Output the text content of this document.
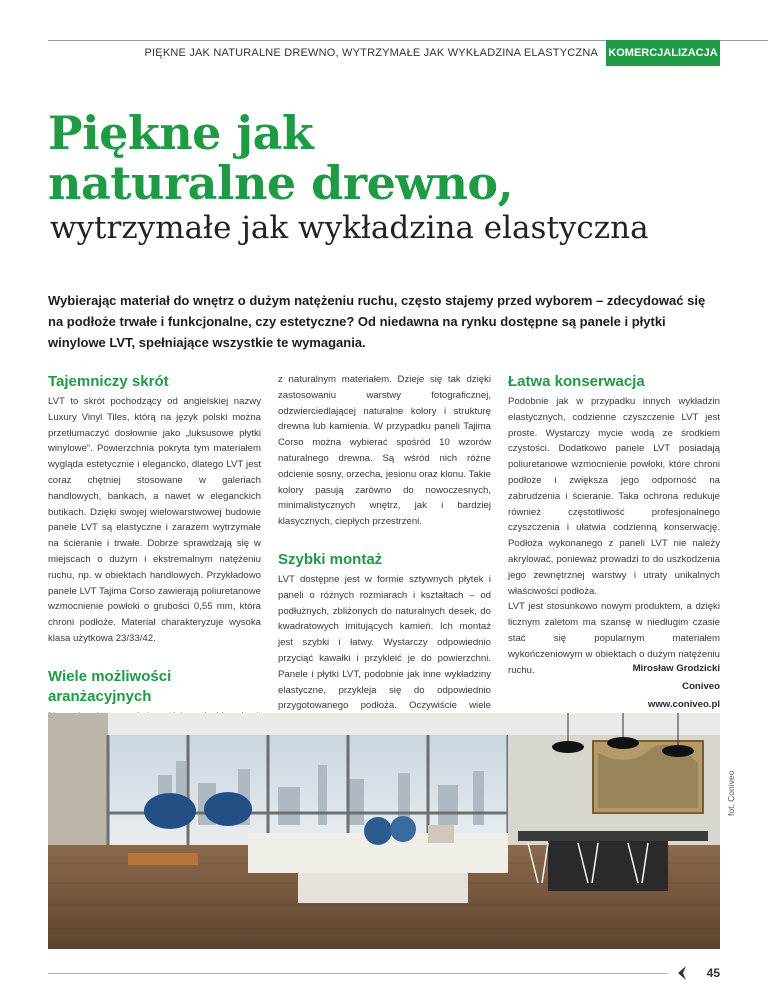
PIĘKNE JAK NATURALNE DREWNO, WYTRZYMAŁE JAK WYKŁADZINA ELASTYCZNA KOMERCJALIZACJA
Piękne jak
naturalne drewno,
wytrzymałe jak wykładzina elastyczna
Wybierając materiał do wnętrz o dużym natężeniu ruchu, często stajemy przed wyborem – zdecydować się na podłoże trwałe i funkcjonalne, czy estetyczne? Od niedawna na rynku dostępne są panele i płytki winylowe LVT, spełniające wszystkie te wymagania.
Tajemniczy skrót

LVT to skrót pochodzący od angielskiej nazwy Luxury Vinyl Tiles, którą na język polski można przetłumaczyć dosłownie jako „luksusowe płytki winylowe”. Powierzchnia pokryta tym materiałem wygląda estetycznie i elegancko, dlatego LVT jest coraz chętniej stosowane w galeriach handlowych, bankach, a nawet w eleganckich butikach. Dzięki swojej wielowarstwowej budowie panele LVT są elastyczne i zarazem wytrzymałe na ścieranie i trwałe. Dobrze sprawdzają się w miejscach o dużym i ekstremalnym natężeniu ruchu, np. w obiektach handlowych. Przykładowo panele LVT Tajima Corso zawierają poliuretanowe wzmocnienie powłoki o grubości 0,55 mm, która chroni podłoże. Materiał charakteryzuje wysoka klasa użytkowa 23/33/42.

Wiele możliwości aranżacyjnych

z naturalnym materiałem. Dzieje się tak dzięki zastosowaniu warstwy fotograficznej, odzwierciedlającej naturalne kolory i strukturę drewna lub kamienia. W przypadku paneli Tajima Corso można wybierać spośród 10 wzorów naturalnego drewna. Są wśród nich różne odcienie sosny, orzecha, jesionu oraz klonu. Takie kolory pasują zarówno do nowoczesnych, minimalistycznych wnętrz, jak i bardziej klasycznych, ciepłych przestrzeni.

Szybki montaż

LVT dostępne jest w formie sztywnych płytek i paneli o różnych rozmiarach i kształtach – od podłużnych, zbliżonych do naturalnych desek, do kwadratowych imitujących kamień. Ich montaż jest szybki i łatwy. Wystarczy odpowiednio przyciąć kawałki i przykleić je do powierzchni. Panele i płytki LVT, podobnie jak inne wykładziny elastyczne, przykleja się do odpowiednio przygotowanego podłoża. Oczywiście wiele

Łatwa konserwacja

Podobnie jak w przypadku innych wykładzin elastycznych, codzienne czyszczenie LVT jest proste. Wystarczy mycie wodą ze środkiem czystości. Dodatkowo panele LVT posiadają poliuretanowe wzmocnienie powłoki, które chroni podłoże i zwiększa jego odporność na zabrudzenia i ścieranie. Taka ochrona redukuje również częstotliwość profesjonalnego czyszczenia i ułatwia codzienną konserwację. Podłoża wykonanego z paneli LVT nie należy akrylować, ponieważ prowadzi to do uszkodzenia jego zewnętrznej warstwy i utraty unikalnych właściwości podłoża.

LVT jest stosunkowo nowym produktem, a dzięki licznym zaletom ma szansę w niedługim czasie stać się popularnym materiałem wykończeniowym w obiektach o dużym natężeniu ruchu.	Mirosław Grodzicki
Coniveo
www.coniveo.pl
fot. Coniveo
45
